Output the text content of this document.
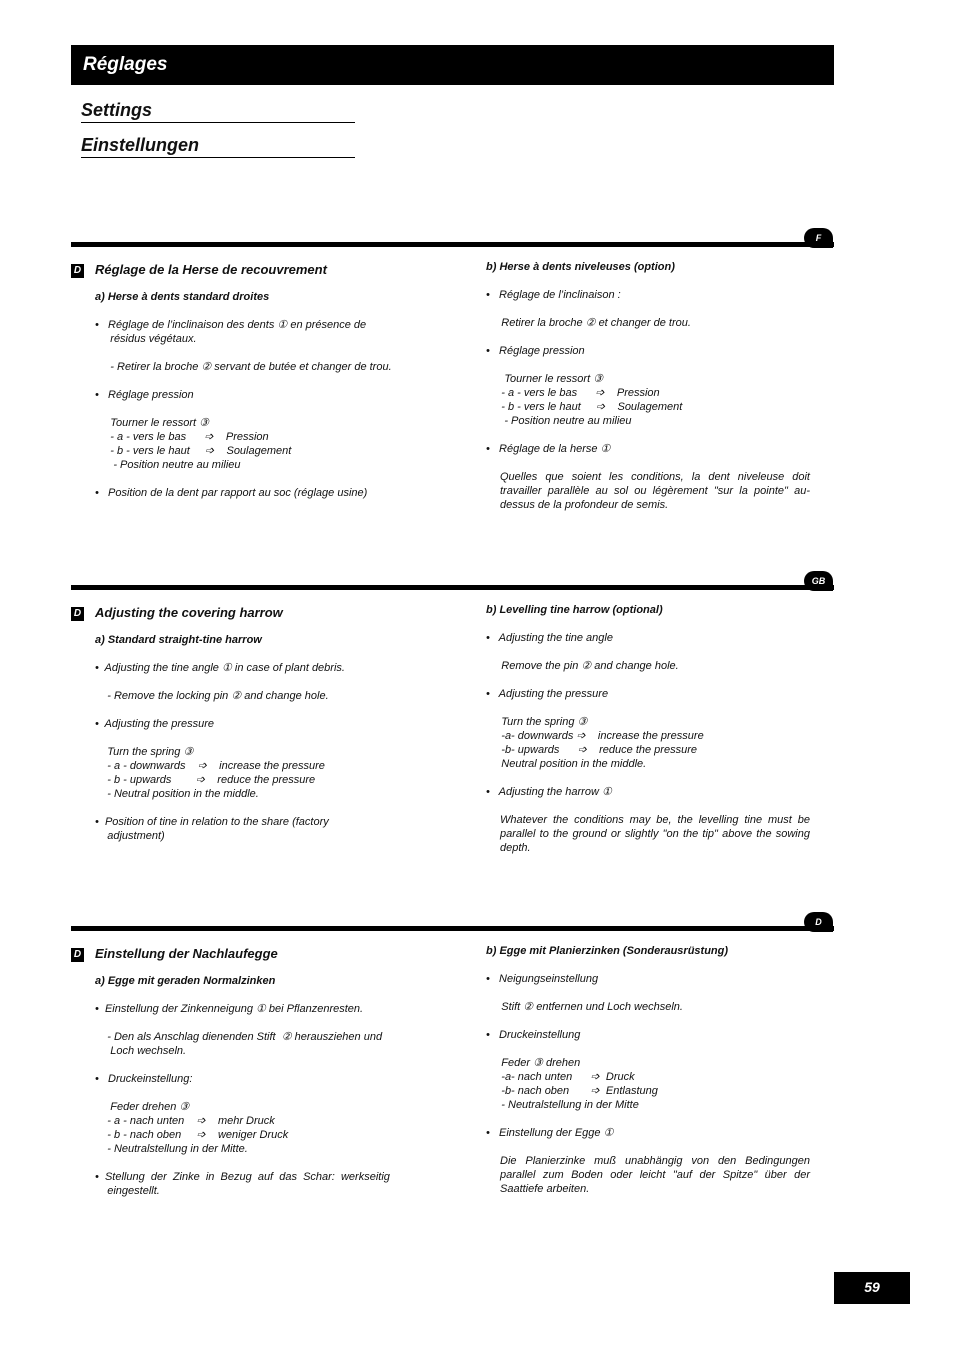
Réglages
Settings
Einstellungen
F
D Réglage de la Herse de recouvrement
a) Herse à dents standard droites
•   Réglage de l’inclinaison des dents ① en présence de
résidus végétaux.
- Retirer la broche ② servant de butée et changer de trou.
•   Réglage pression
Tourner le ressort ③
- a - vers le bas      ➩    Pression
- b - vers le haut     ➩    Soulagement
- Position neutre au milieu
•   Position de la dent par rapport au soc (réglage usine)
b) Herse à dents niveleuses (option)
•   Réglage de l’inclinaison :
Retirer la broche ② et changer de trou.
•   Réglage pression
Tourner le ressort ③
- a - vers le bas      ➩    Pression
- b - vers le haut     ➩    Soulagement
- Position neutre au milieu
•   Réglage de la herse ①
Quelles que soient les conditions, la dent niveleuse doit travailler parallèle au sol ou légèrement "sur la pointe" au-dessus de la profondeur de semis.
GB
D Adjusting the covering harrow
a) Standard straight-tine harrow
•  Adjusting the tine angle ① in case of plant debris.
- Remove the locking pin ② and change hole.
•  Adjusting the pressure
Turn the spring ③
- a - downwards    ➩    increase the pressure
- b - upwards        ➩    reduce the pressure
- Neutral position in the middle.
•  Position of tine in relation to the share (factory
adjustment)
b) Levelling tine harrow (optional)
•   Adjusting the tine angle
Remove the pin ② and change hole.
•   Adjusting the pressure
Turn the spring ③
-a- downwards ➩    increase the pressure
-b- upwards      ➩    reduce the pressure
Neutral position in the middle.
•   Adjusting the harrow ①
Whatever the conditions may be, the levelling tine must be parallel to the ground or slightly "on the tip" above the sowing depth.
D
D Einstellung der Nachlaufegge
a) Egge mit geraden Normalzinken
•  Einstellung der Zinkenneigung ① bei Pflanzenresten.
- Den als Anschlag dienenden Stift  ② herausziehen und
Loch wechseln.
•   Druckeinstellung:
Feder drehen ③
- a - nach unten    ➩    mehr Druck
- b - nach oben     ➩    weniger Druck
- Neutralstellung in der Mitte.
•  Stellung  der  Zinke  in  Bezug  auf  das  Schar:  werkseitig
eingestellt.
b) Egge mit Planierzinken (Sonderausrüstung)
•   Neigungseinstellung
Stift ② entfernen und Loch wechseln.
•   Druckeinstellung
Feder ③ drehen
-a- nach unten      ➩  Druck
-b- nach oben       ➩  Entlastung
- Neutralstellung in der Mitte
•   Einstellung der Egge ①
Die Planierzinke muß unabhängig von den Bedingungen parallel zum Boden oder leicht "auf der Spitze" über der Saattiefe arbeiten.
59
